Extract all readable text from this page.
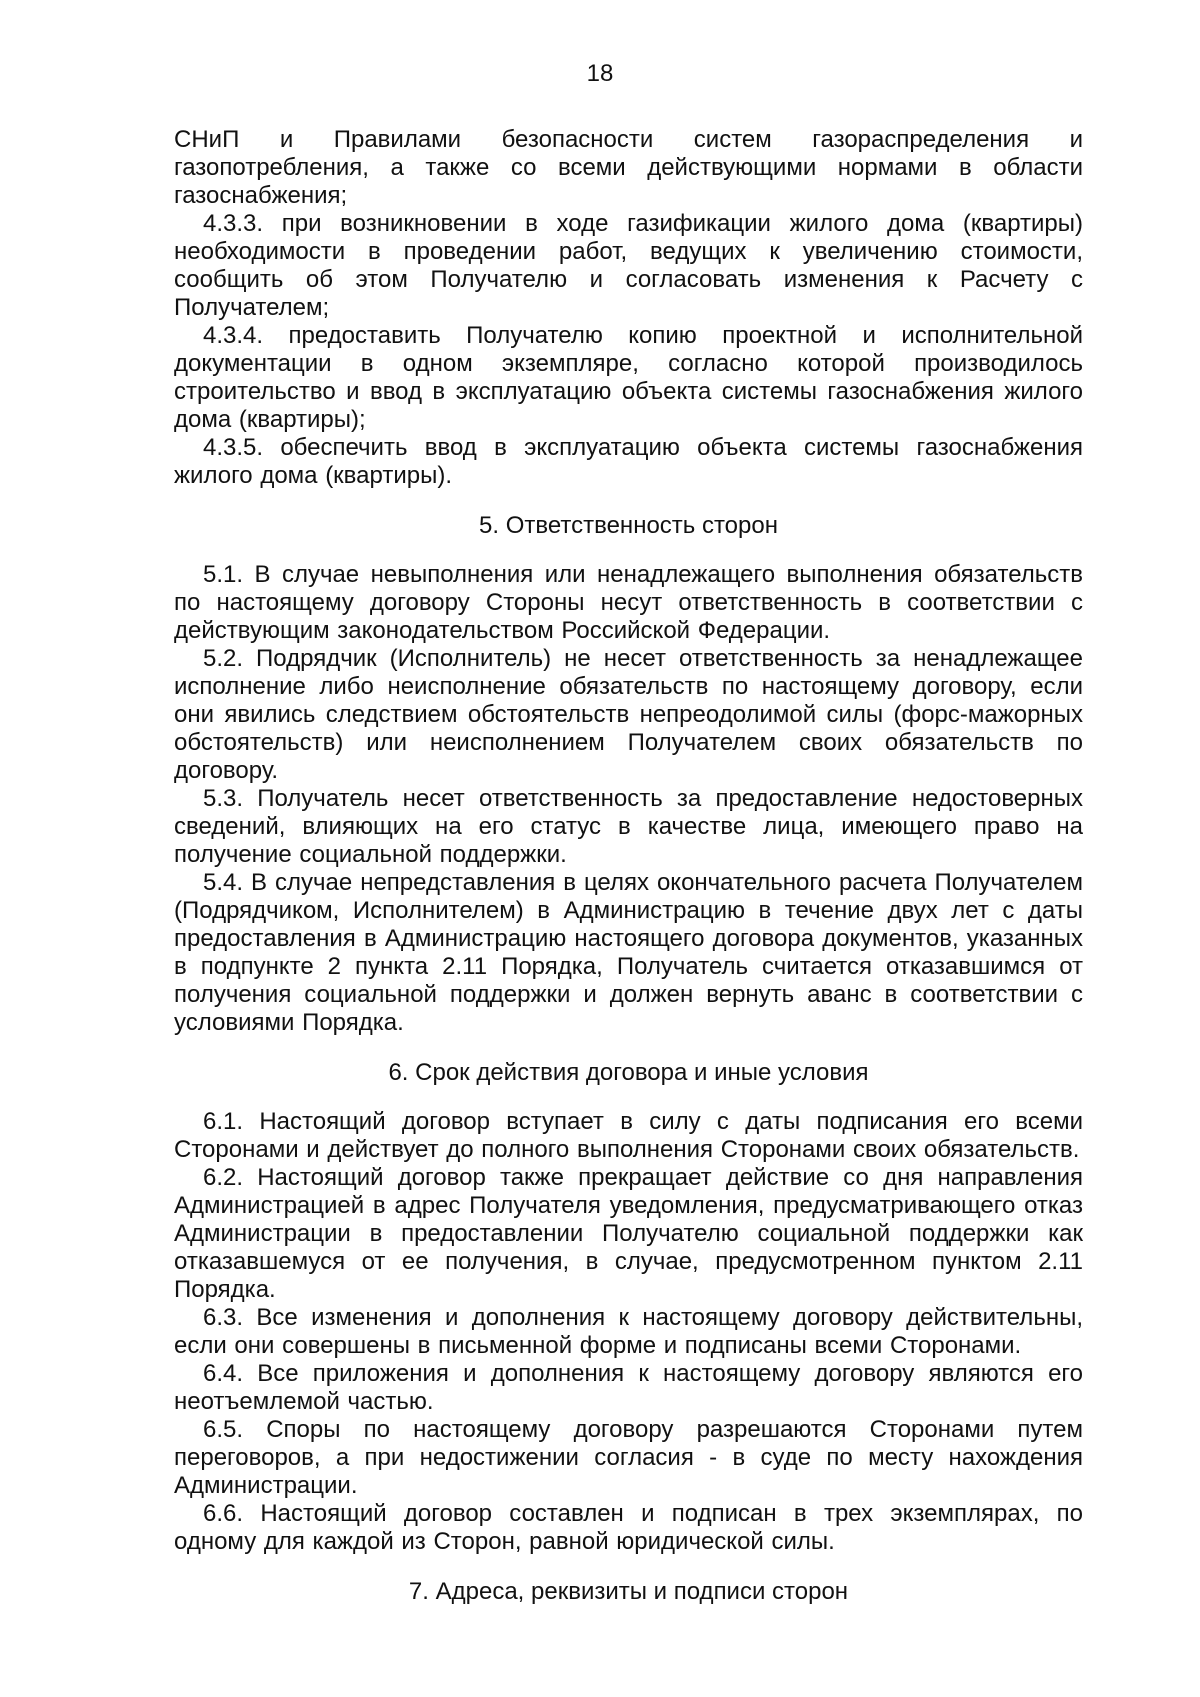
18

СНиП и Правилами безопасности систем газораспределения и газопотребления, а также со всеми действующими нормами в области газоснабжения;

4.3.3. при возникновении в ходе газификации жилого дома (квартиры) необходимости в проведении работ, ведущих к увеличению стоимости, сообщить об этом Получателю и согласовать изменения к Расчету с Получателем;

4.3.4. предоставить Получателю копию проектной и исполнительной документации в одном экземпляре, согласно которой производилось строительство и ввод в эксплуатацию объекта системы газоснабжения жилого дома (квартиры);

4.3.5. обеспечить ввод в эксплуатацию объекта системы газоснабжения жилого дома (квартиры).

5. Ответственность сторон

5.1. В случае невыполнения или ненадлежащего выполнения обязательств по настоящему договору Стороны несут ответственность в соответствии с действующим законодательством Российской Федерации.

5.2. Подрядчик (Исполнитель) не несет ответственность за ненадлежащее исполнение либо неисполнение обязательств по настоящему договору, если они явились следствием обстоятельств непреодолимой силы (форс-мажорных обстоятельств) или неисполнением Получателем своих обязательств по договору.

5.3. Получатель несет ответственность за предоставление недостоверных сведений, влияющих на его статус в качестве лица, имеющего право на получение социальной поддержки.

5.4. В случае непредставления в целях окончательного расчета Получателем (Подрядчиком, Исполнителем) в Администрацию в течение двух лет с даты предоставления в Администрацию настоящего договора документов, указанных в подпункте 2 пункта 2.11 Порядка, Получатель считается отказавшимся от получения социальной поддержки и должен вернуть аванс в соответствии с условиями Порядка.

6. Срок действия договора и иные условия

6.1. Настоящий договор вступает в силу с даты подписания его всеми Сторонами и действует до полного выполнения Сторонами своих обязательств.

6.2. Настоящий договор также прекращает действие со дня направления Администрацией в адрес Получателя уведомления, предусматривающего отказ Администрации в предоставлении Получателю социальной поддержки как отказавшемуся от ее получения, в случае, предусмотренном пунктом 2.11 Порядка.

6.3. Все изменения и дополнения к настоящему договору действительны, если они совершены в письменной форме и подписаны всеми Сторонами.

6.4. Все приложения и дополнения к настоящему договору являются его неотъемлемой частью.

6.5. Споры по настоящему договору разрешаются Сторонами путем переговоров, а при недостижении согласия - в суде по месту нахождения Администрации.

6.6. Настоящий договор составлен и подписан в трех экземплярах, по одному для каждой из Сторон, равной юридической силы.

7. Адреса, реквизиты и подписи сторон
